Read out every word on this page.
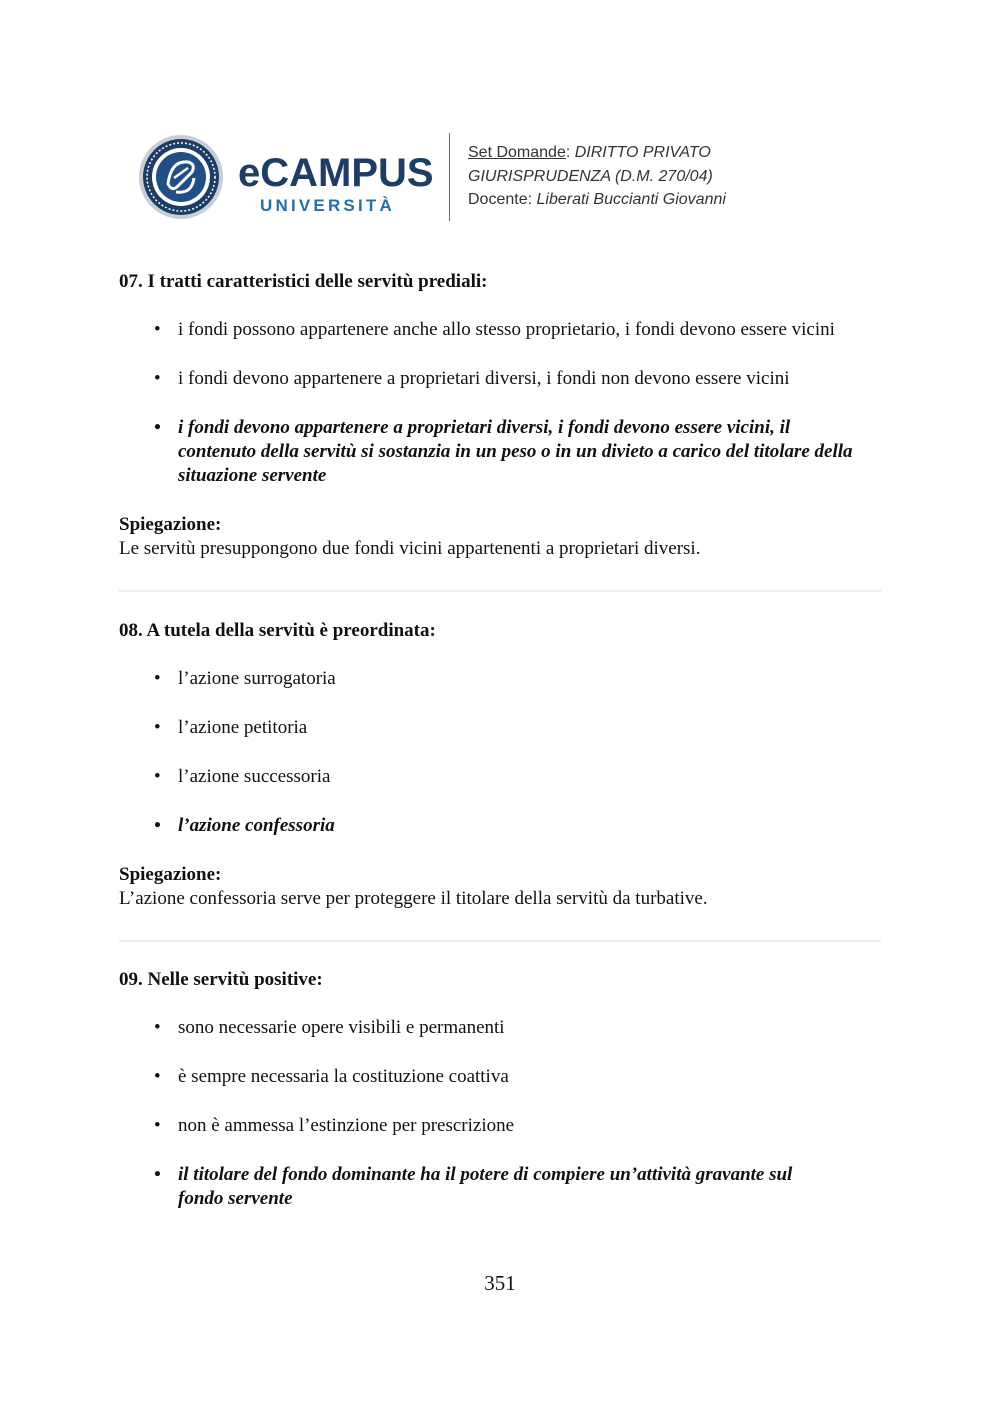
eCAMPUS
UNIVERSITÀ
Set Domande: DIRITTO PRIVATO
GIURISPRUDENZA (D.M. 270/04)
Docente: Liberati Buccianti Giovanni

07. I tratti caratteristici delle servitù prediali:

• i fondi possono appartenere anche allo stesso proprietario, i fondi devono essere vicini
• i fondi devono appartenere a proprietari diversi, i fondi non devono essere vicini
• i fondi devono appartenere a proprietari diversi, i fondi devono essere vicini, il contenuto della servitù si sostanzia in un peso o in un divieto a carico del titolare della situazione servente

Spiegazione:

Le servitù presuppongono due fondi vicini appartenenti a proprietari diversi.

08. A tutela della servitù è preordinata:

• l’azione surrogatoria
• l’azione petitoria
• l’azione successoria
• l’azione confessoria

Spiegazione:

L’azione confessoria serve per proteggere il titolare della servitù da turbative.

09. Nelle servitù positive:

• sono necessarie opere visibili e permanenti
• è sempre necessaria la costituzione coattiva
• non è ammessa l’estinzione per prescrizione
• il titolare del fondo dominante ha il potere di compiere un’attività gravante sul fondo servente
351
